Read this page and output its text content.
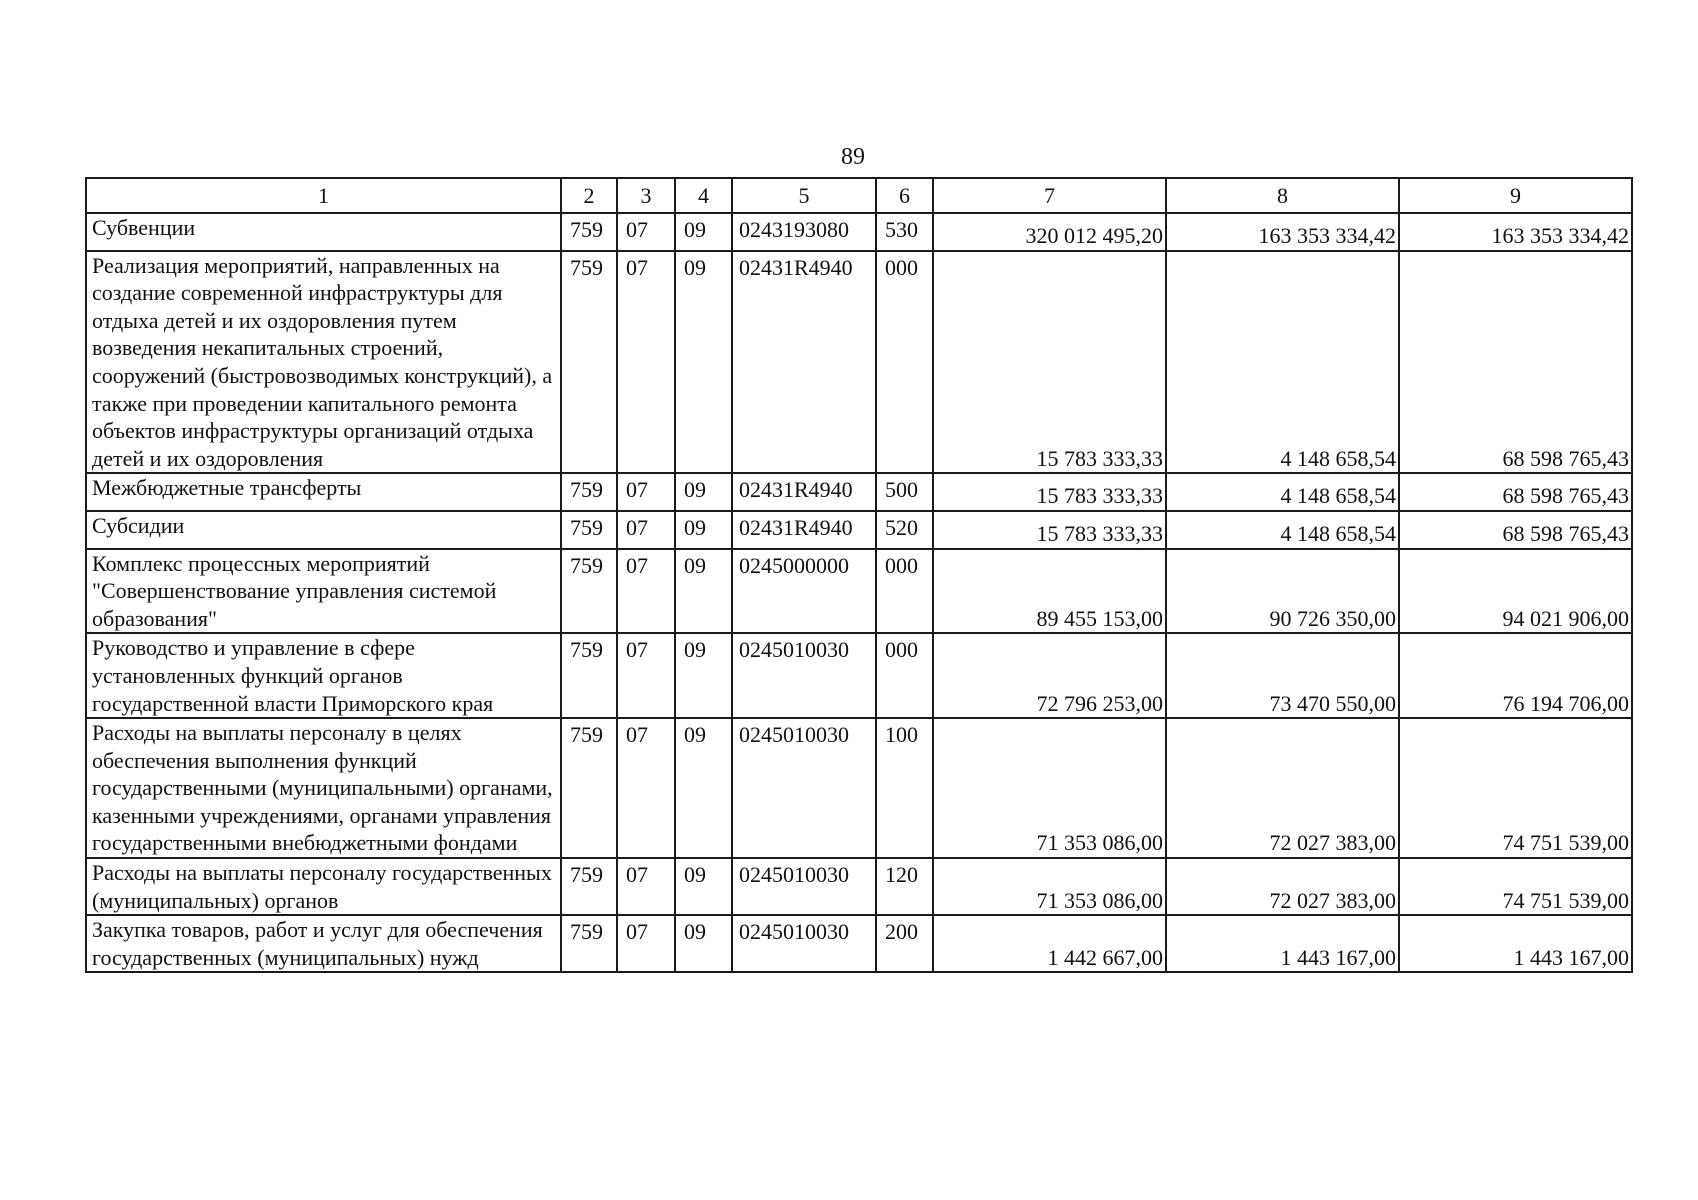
89
1	2	3	4	5	6	7	8	9
Субвенции	759	07	09	0243193080	530	320 012 495,20	163 353 334,42	163 353 334,42
Реализация мероприятий, направленных на создание современной инфраструктуры для отдыха детей и их оздоровления путем возведения некапитальных строений, сооружений (быстровозводимых конструкций), а также при проведении капитального ремонта объектов инфраструктуры организаций отдыха детей и их оздоровления	759	07	09	02431R4940	000	15 783 333,33	4 148 658,54	68 598 765,43
Межбюджетные трансферты	759	07	09	02431R4940	500	15 783 333,33	4 148 658,54	68 598 765,43
Субсидии	759	07	09	02431R4940	520	15 783 333,33	4 148 658,54	68 598 765,43
Комплекс процессных мероприятий "Совершенствование управления системой образования"	759	07	09	0245000000	000	89 455 153,00	90 726 350,00	94 021 906,00
Руководство и управление в сфере установленных функций органов государственной власти Приморского края	759	07	09	0245010030	000	72 796 253,00	73 470 550,00	76 194 706,00
Расходы на выплаты персоналу в целях обеспечения выполнения функций государственными (муниципальными) органами, казенными учреждениями, органами управления государственными внебюджетными фондами	759	07	09	0245010030	100	71 353 086,00	72 027 383,00	74 751 539,00
Расходы на выплаты персоналу государственных (муниципальных) органов	759	07	09	0245010030	120	71 353 086,00	72 027 383,00	74 751 539,00
Закупка товаров, работ и услуг для обеспечения государственных (муниципальных) нужд	759	07	09	0245010030	200	1 442 667,00	1 443 167,00	1 443 167,00
